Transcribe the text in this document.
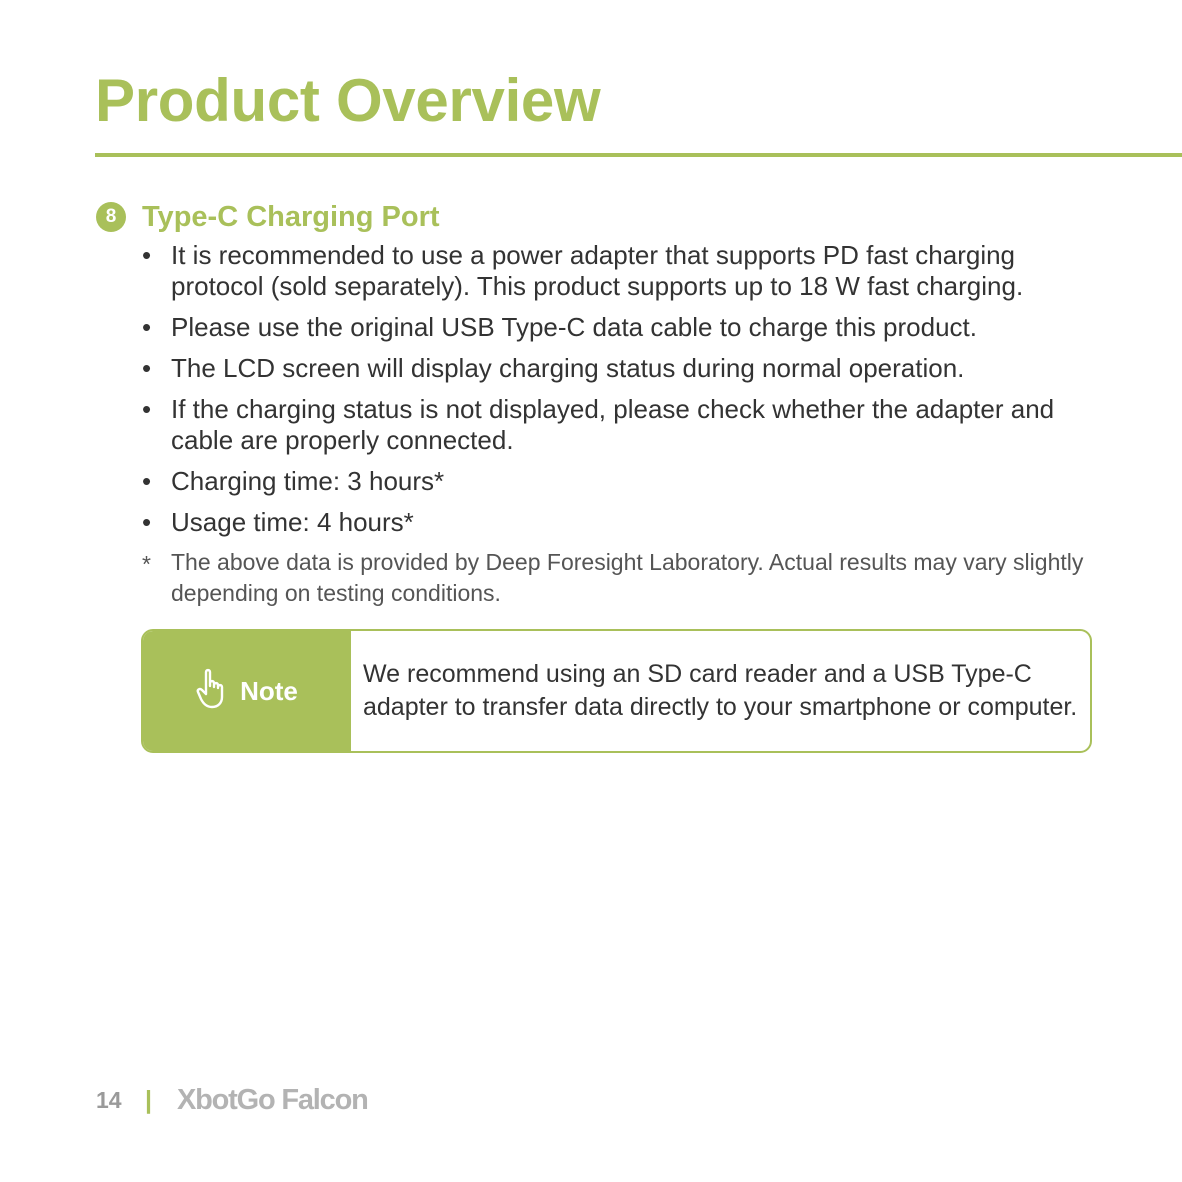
Product Overview
8 Type-C Charging Port
• It is recommended to use a power adapter that supports PD fast charging protocol (sold separately). This product supports up to 18 W fast charging.
• Please use the original USB Type-C data cable to charge this product.
• The LCD screen will display charging status during normal operation.
• If the charging status is not displayed, please check whether the adapter and cable are properly connected.
• Charging time: 3 hours*
• Usage time: 4 hours*
* The above data is provided by Deep Foresight Laboratory. Actual results may vary slightly depending on testing conditions.
Note
We recommend using an SD card reader and a USB Type-C adapter to transfer data directly to your smartphone or computer.
14 | XbotGo Falcon
